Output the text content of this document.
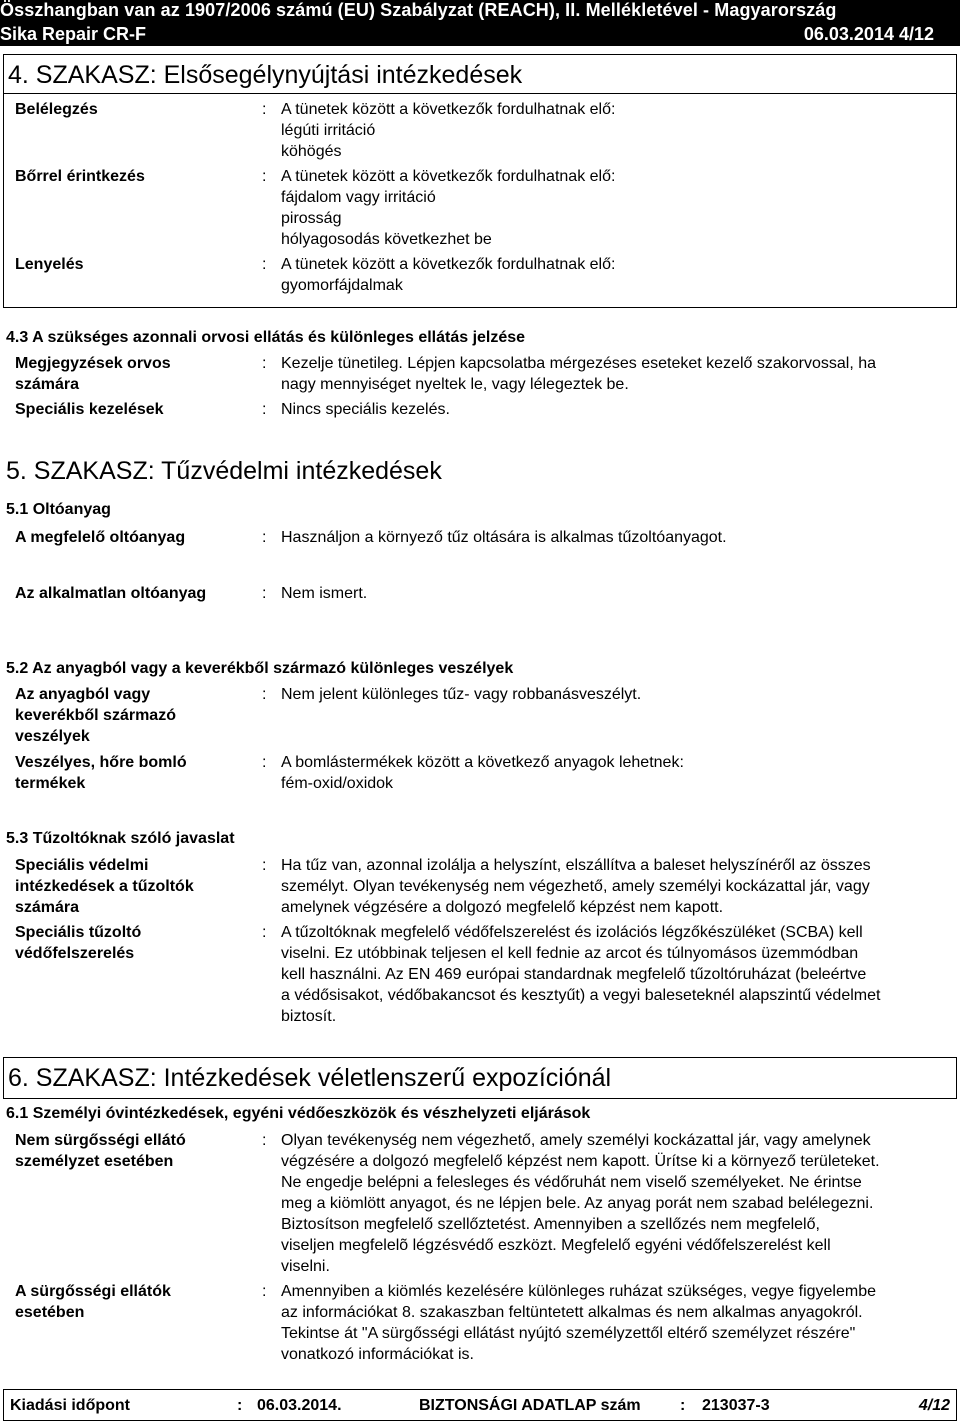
Összhangban van az 1907/2006 számú (EU) Szabályzat (REACH), II. Mellékletével - Magyarország
Sika Repair CR-F	06.03.2014 4/12
4. SZAKASZ: Elsősegélynyújtási intézkedések
Belélegzés	: A tünetek között a következők fordulhatnak elő:
légúti irritáció
köhögés
Bőrrel érintkezés	: A tünetek között a következők fordulhatnak elő:
fájdalom vagy irritáció
pirosság
hólyagosodás következhet be
Lenyelés	: A tünetek között a következők fordulhatnak elő:
gyomorfájdalmak
4.3 A szükséges azonnali orvosi ellátás és különleges ellátás jelzése
Megjegyzések orvos
számára
: Kezelje tünetileg. Lépjen kapcsolatba mérgezéses eseteket kezelő szakorvossal, ha
nagy mennyiséget nyeltek le, vagy lélegeztek be.
Speciális kezelések	: Nincs speciális kezelés.
5. SZAKASZ: Tűzvédelmi intézkedések
5.1 Oltóanyag
A megfelelő oltóanyag	: Használjon a környező tűz oltására is alkalmas tűzoltóanyagot.
Az alkalmatlan oltóanyag	: Nem ismert.
5.2 Az anyagból vagy a keverékből származó különleges veszélyek
Az anyagból vagy
keverékből származó
veszélyek
: Nem jelent különleges tűz- vagy robbanásveszélyt.
Veszélyes, hőre bomló
termékek
: A bomlástermékek között a következő anyagok lehetnek:
fém-oxid/oxidok
5.3 Tűzoltóknak szóló javaslat
Speciális védelmi
intézkedések a tűzoltók
számára
: Ha tűz van, azonnal izolálja a helyszínt, elszállítva a baleset helyszínéről az összes
személyt. Olyan tevékenység nem végezhető, amely személyi kockázattal jár, vagy
amelynek végzésére a dolgozó megfelelő képzést nem kapott.
Speciális tűzoltó
védőfelszerelés
: A tűzoltóknak megfelelő védőfelszerelést és izolációs légzőkészüléket (SCBA) kell
viselni. Ez utóbbinak teljesen el kell fednie az arcot és túlnyomásos üzemmódban
kell használni. Az EN 469 európai standardnak megfelelő tűzoltóruházat (beleértve
a védősisakot, védőbakancsot és kesztyűt) a vegyi baleseteknél alapszintű védelmet
biztosít.
6. SZAKASZ: Intézkedések véletlenszerű expozíciónál
6.1 Személyi óvintézkedések, egyéni védőeszközök és vészhelyzeti eljárások
Nem sürgősségi ellátó
személyzet esetében
: Olyan tevékenység nem végezhető, amely személyi kockázattal jár, vagy amelynek
végzésére a dolgozó megfelelő képzést nem kapott. Ürítse ki a környező területeket.
Ne engedje belépni a felesleges és védőruhát nem viselő személyeket. Ne érintse
meg a kiömlött anyagot, és ne lépjen bele. Az anyag porát nem szabad belélegezni.
Biztosítson megfelelő szellőztetést. Amennyiben a szellőzés nem megfelelő,
viseljen megfelelõ légzésvédő eszközt. Megfelelő egyéni védőfelszerelést kell
viselni.
A sürgősségi ellátók
esetében
: Amennyiben a kiömlés kezelésére különleges ruházat szükséges, vegye figyelembe
az információkat 8. szakaszban feltüntetett alkalmas és nem alkalmas anyagokról.
Tekintse át "A sürgősségi ellátást nyújtó személyzettől eltérő személyzet részére"
vonatkozó információkat is.
Kiadási időpont	: 06.03.2014.	BIZTONSÁGI ADATLAP szám : 213037-3	4/12
